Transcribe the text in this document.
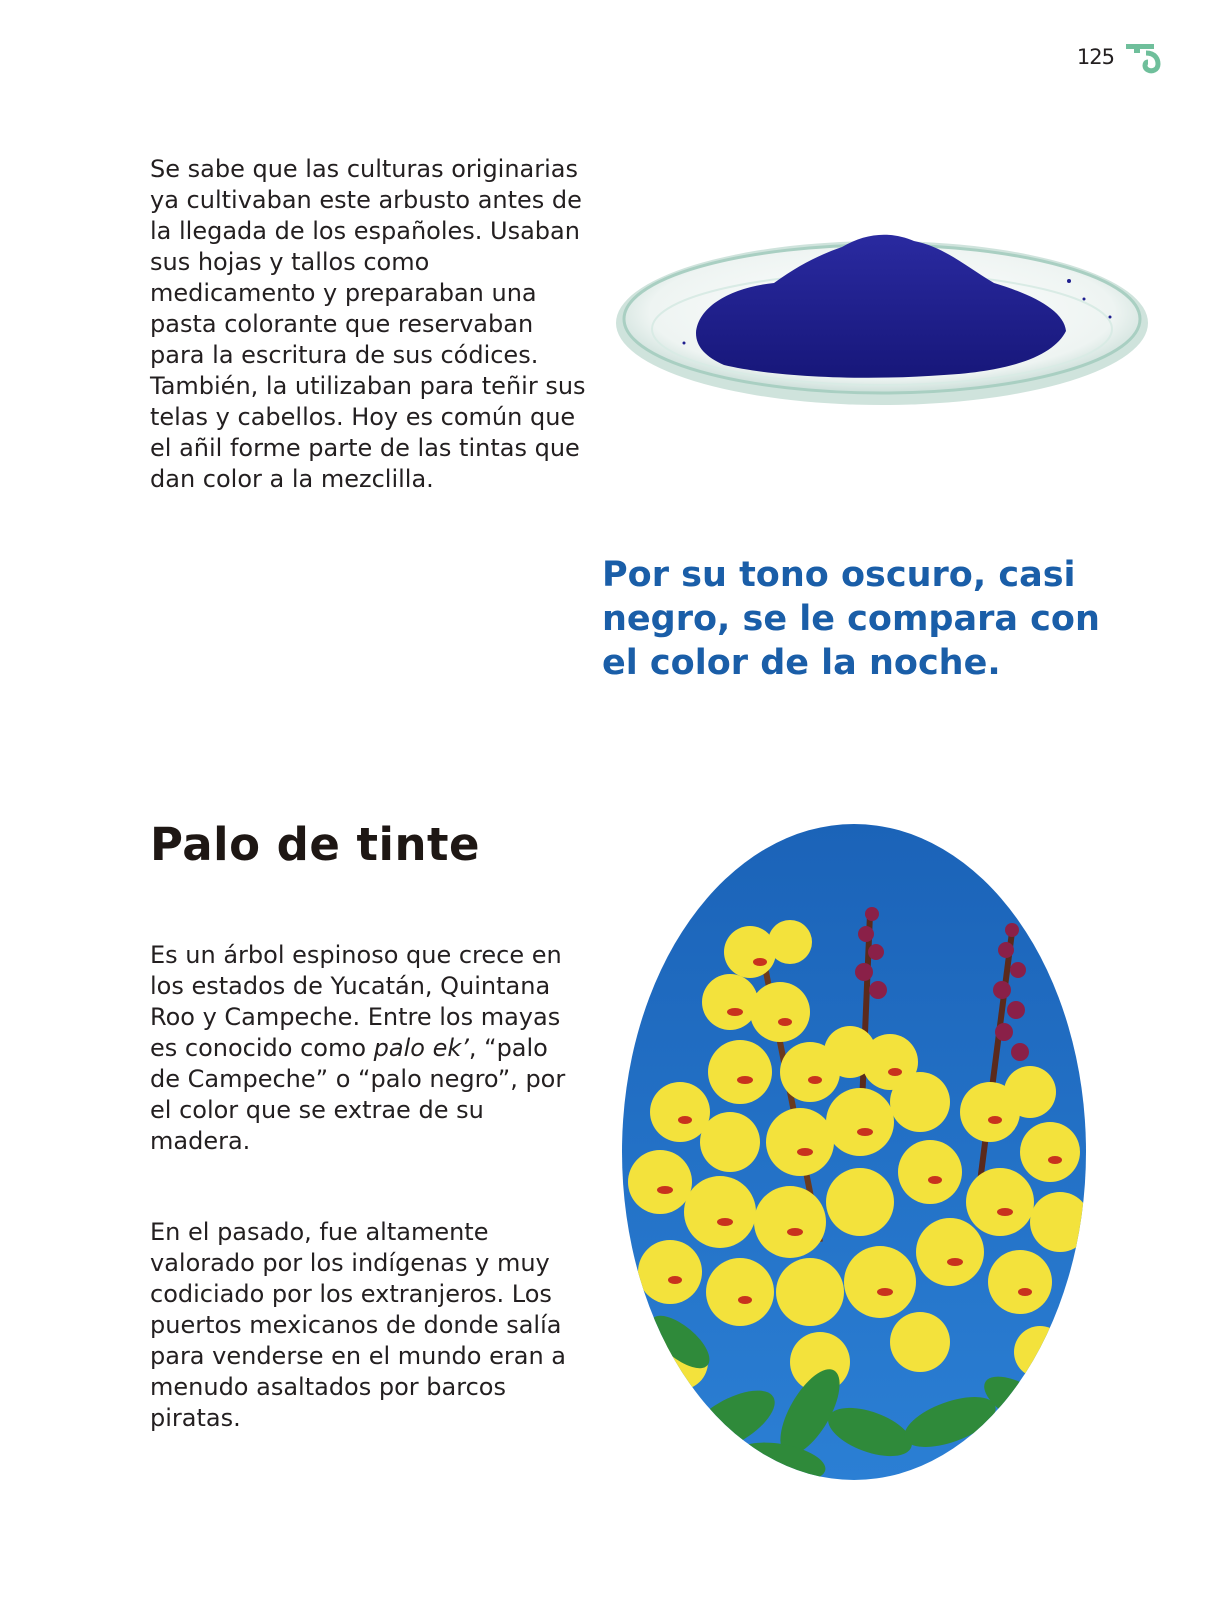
125

Se sabe que las culturas originarias ya cultivaban este arbusto antes de la llegada de los españoles. Usaban sus hojas y tallos como medicamento y preparaban una pasta colorante que reservaban para la escritura de sus códices. También, la utilizaban para teñir sus telas y cabellos. Hoy es común que el añil forme parte de las tintas que dan color a la mezclilla.

Por su tono oscuro, casi negro, se le compara con el color de la noche.

Palo de tinte

Es un árbol espinoso que crece en los estados de Yucatán, Quintana Roo y Campeche. Entre los mayas es conocido como palo ek’, “palo de Campeche” o “palo negro”, por el color que se extrae de su madera.

En el pasado, fue altamente valorado por los indígenas y muy codiciado por los extranjeros. Los puertos mexicanos de donde salía para venderse en el mundo eran a menudo asaltados por barcos piratas.
